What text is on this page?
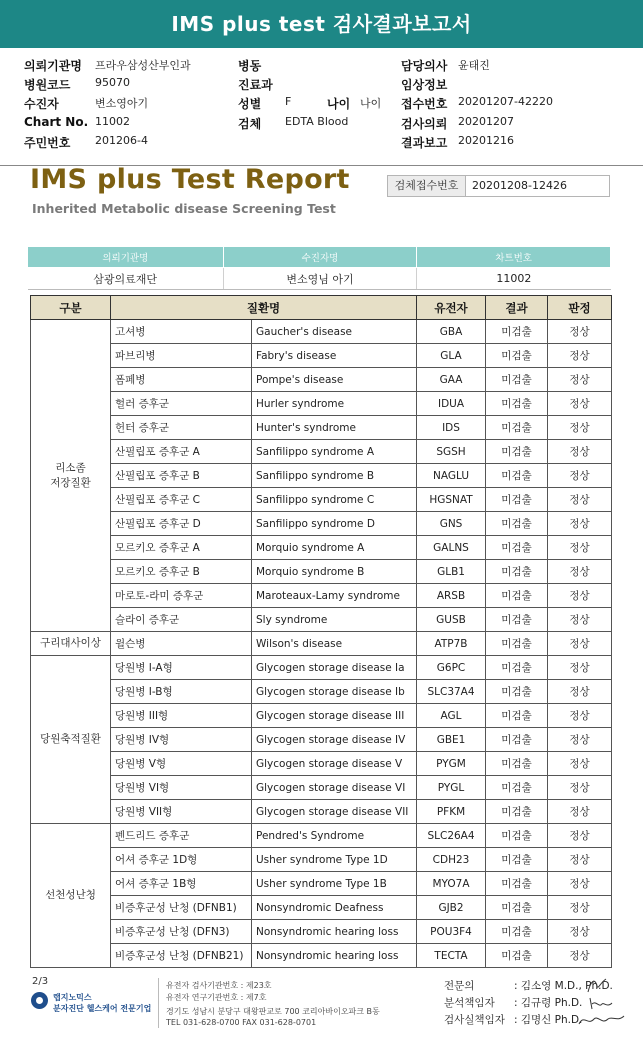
IMS plus test 검사결과보고서
의뢰기관명 프라우삼성산부인과	병동	담당의사 윤태진
병원코드 95070	진료과	임상정보
수진자	변소영아기	성별 F	나이 나이 접수번호 20201207-42220
Chart No. 11002	검체 EDTA Blood	검사의뢰 20201207
주민번호 201206-4	결과보고 20201216
IMS plus Test Report
Inherited Metabolic disease Screening Test
검체접수번호	20201208-12426
의뢰기관명	수진자명	차트번호
삼광의료재단	변소영님 아기	11002
구분	질환명		유전자	결과	판정
리소좀
저장질환	고셔병	Gaucher's disease	GBA	미검출	정상
	파브리병	Fabry's disease	GLA	미검출	정상
	폼페병	Pompe's disease	GAA	미검출	정상
	헐러 증후군	Hurler syndrome	IDUA	미검출	정상
	헌터 증후군	Hunter's syndrome	IDS	미검출	정상
	산필립포 증후군 A	Sanfilippo syndrome A	SGSH	미검출	정상
	산필립포 증후군 B	Sanfilippo syndrome B	NAGLU	미검출	정상
	산필립포 증후군 C	Sanfilippo syndrome C	HGSNAT	미검출	정상
	산필립포 증후군 D	Sanfilippo syndrome D	GNS	미검출	정상
	모르키오 증후군 A	Morquio syndrome A	GALNS	미검출	정상
	모르키오 증후군 B	Morquio syndrome B	GLB1	미검출	정상
	마로토-라미 증후군	Maroteaux-Lamy syndrome	ARSB	미검출	정상
	슬라이 증후군	Sly syndrome	GUSB	미검출	정상
구리대사이상	윌슨병	Wilson's disease	ATP7B	미검출	정상
당원축적질환	당원병 I-A형	Glycogen storage disease Ia	G6PC	미검출	정상
	당원병 I-B형	Glycogen storage disease Ib	SLC37A4	미검출	정상
	당원병 III형	Glycogen storage disease III	AGL	미검출	정상
	당원병 IV형	Glycogen storage disease IV	GBE1	미검출	정상
	당원병 V형	Glycogen storage disease V	PYGM	미검출	정상
	당원병 VI형	Glycogen storage disease VI	PYGL	미검출	정상
	당원병 VII형	Glycogen storage disease VII	PFKM	미검출	정상
선천성난청	펜드리드 증후군	Pendred's Syndrome	SLC26A4	미검출	정상
	어셔 증후군 1D형	Usher syndrome Type 1D	CDH23	미검출	정상
	어셔 증후군 1B형	Usher syndrome Type 1B	MYO7A	미검출	정상
	비증후군성 난청 (DFNB1)	Nonsyndromic Deafness	GJB2	미검출	정상
	비증후군성 난청 (DFN3)	Nonsyndromic hearing loss	POU3F4	미검출	정상
	비증후군성 난청 (DFNB21)	Nonsyndromic hearing loss	TECTA	미검출	정상
2/3
랩지노믹스
분자진단 헬스케어 전문기업
유전자 검사기관번호 : 제23호
유전자 연구기관번호 : 제7호
경기도 성남시 분당구 대왕판교로 700 코리아바이오파크 B동
TEL 031-628-0700 FAX 031-628-0701
전문의	: 김소영 M.D., Ph.D.
분석책임자 : 김규령 Ph.D.
검사실책임자 : 김명신 Ph.D.
